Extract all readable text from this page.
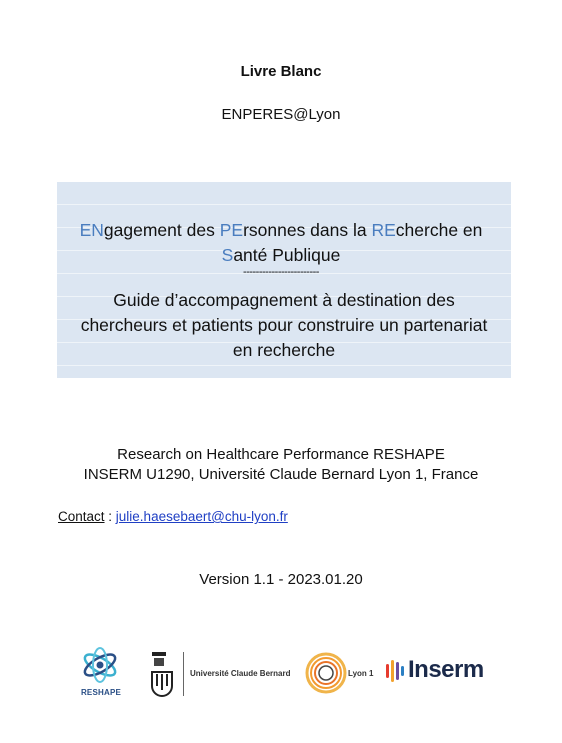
Livre Blanc
ENPERES@Lyon
ENgagement des PErsonnes dans la REcherche en
Santé Publique
------------------------
Guide d’accompagnement à destination des
chercheurs et patients pour construire un partenariat
en recherche
Research on Healthcare Performance RESHAPE
INSERM U1290, Université Claude Bernard Lyon 1, France
Contact : julie.haesebaert@chu-lyon.fr
Version 1.1 - 2023.01.20
RESHAPE
Université Claude Bernard	Lyon 1 Inserm
